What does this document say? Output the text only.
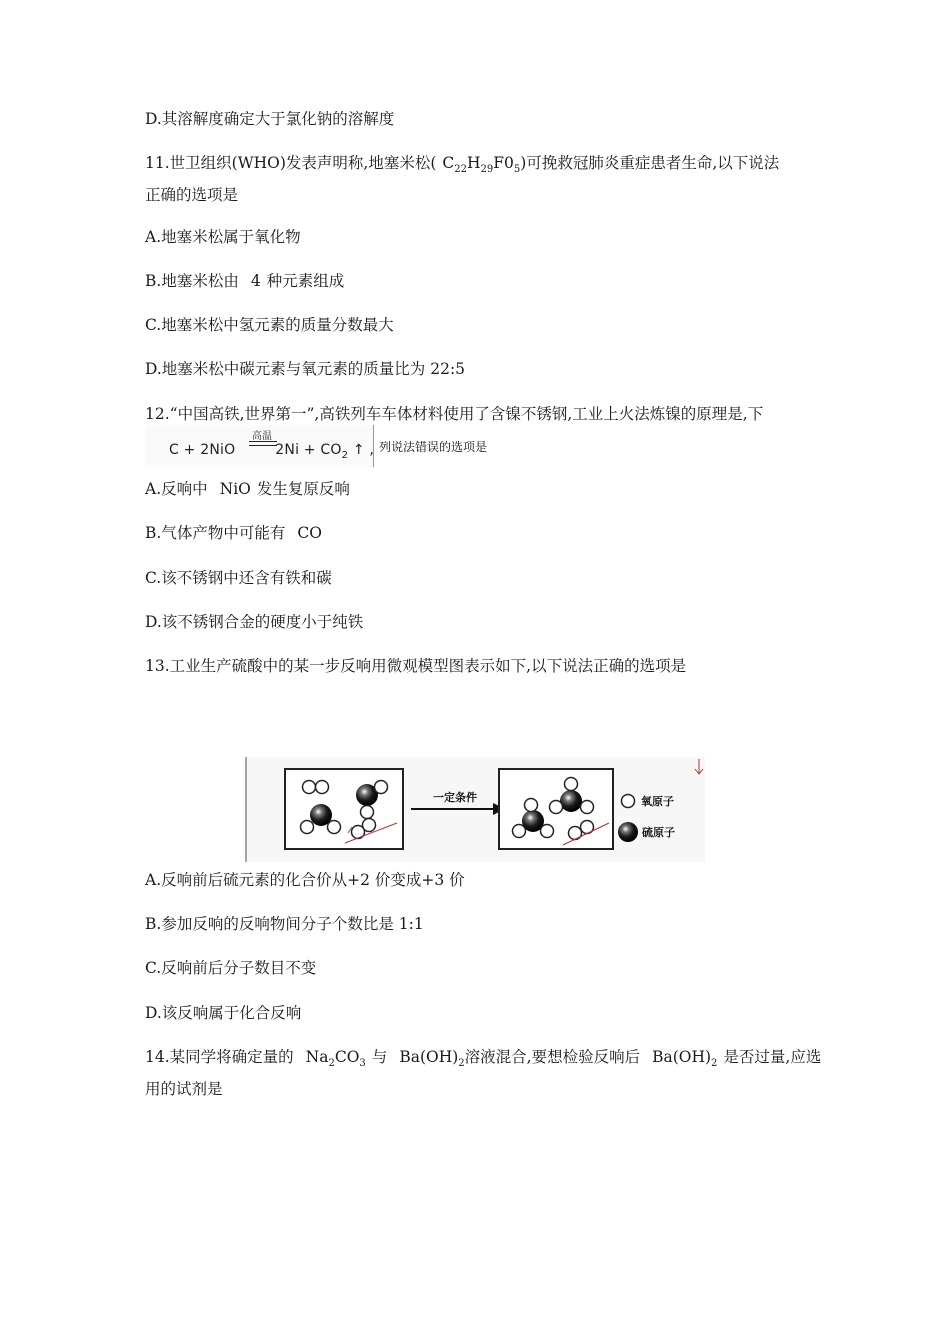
D.其溶解度确定大于氯化钠的溶解度
11.世卫组织(WHO)发表声明称,地塞米松( $C_{22}H_{29}F0_5$)可挽救冠肺炎重症患者生命,以下说法
正确的选项是
A.地塞米松属于氧化物
B.地塞米松由 4 种元素组成
C.地塞米松中氢元素的质量分数最大
D.地塞米松中碳元素与氧元素的质量比为 22:5
12.“中国高铁,世界第一”,高铁列车车体材料使用了含镍不锈钢,工业上火法炼镍的原理是,下
高温
C + 2NiO	$2Ni + CO_2$ ↑ , 列说法错误的选项是
A.反响中 NiO 发生复原反响
B.气体产物中可能有 CO
C.该不锈钢中还含有铁和碳
D.该不锈钢合金的硬度小于纯铁
13.工业生产硫酸中的某一步反响用微观模型图表示如下,以下说法正确的选项是
一定条件	氧原子
硫原子
A.反响前后硫元素的化合价从+2 价变成+3 价
B.参加反响的反响物间分子个数比是 1:1
C.反响前后分子数目不变
D.该反响属于化合反响
14.某同学将确定量的 $Na_2CO_3$ 与 $Ba(OH)_2$溶液混合,要想检验反响后 $Ba(OH)_2$ 是否过量,应选
用的试剂是
